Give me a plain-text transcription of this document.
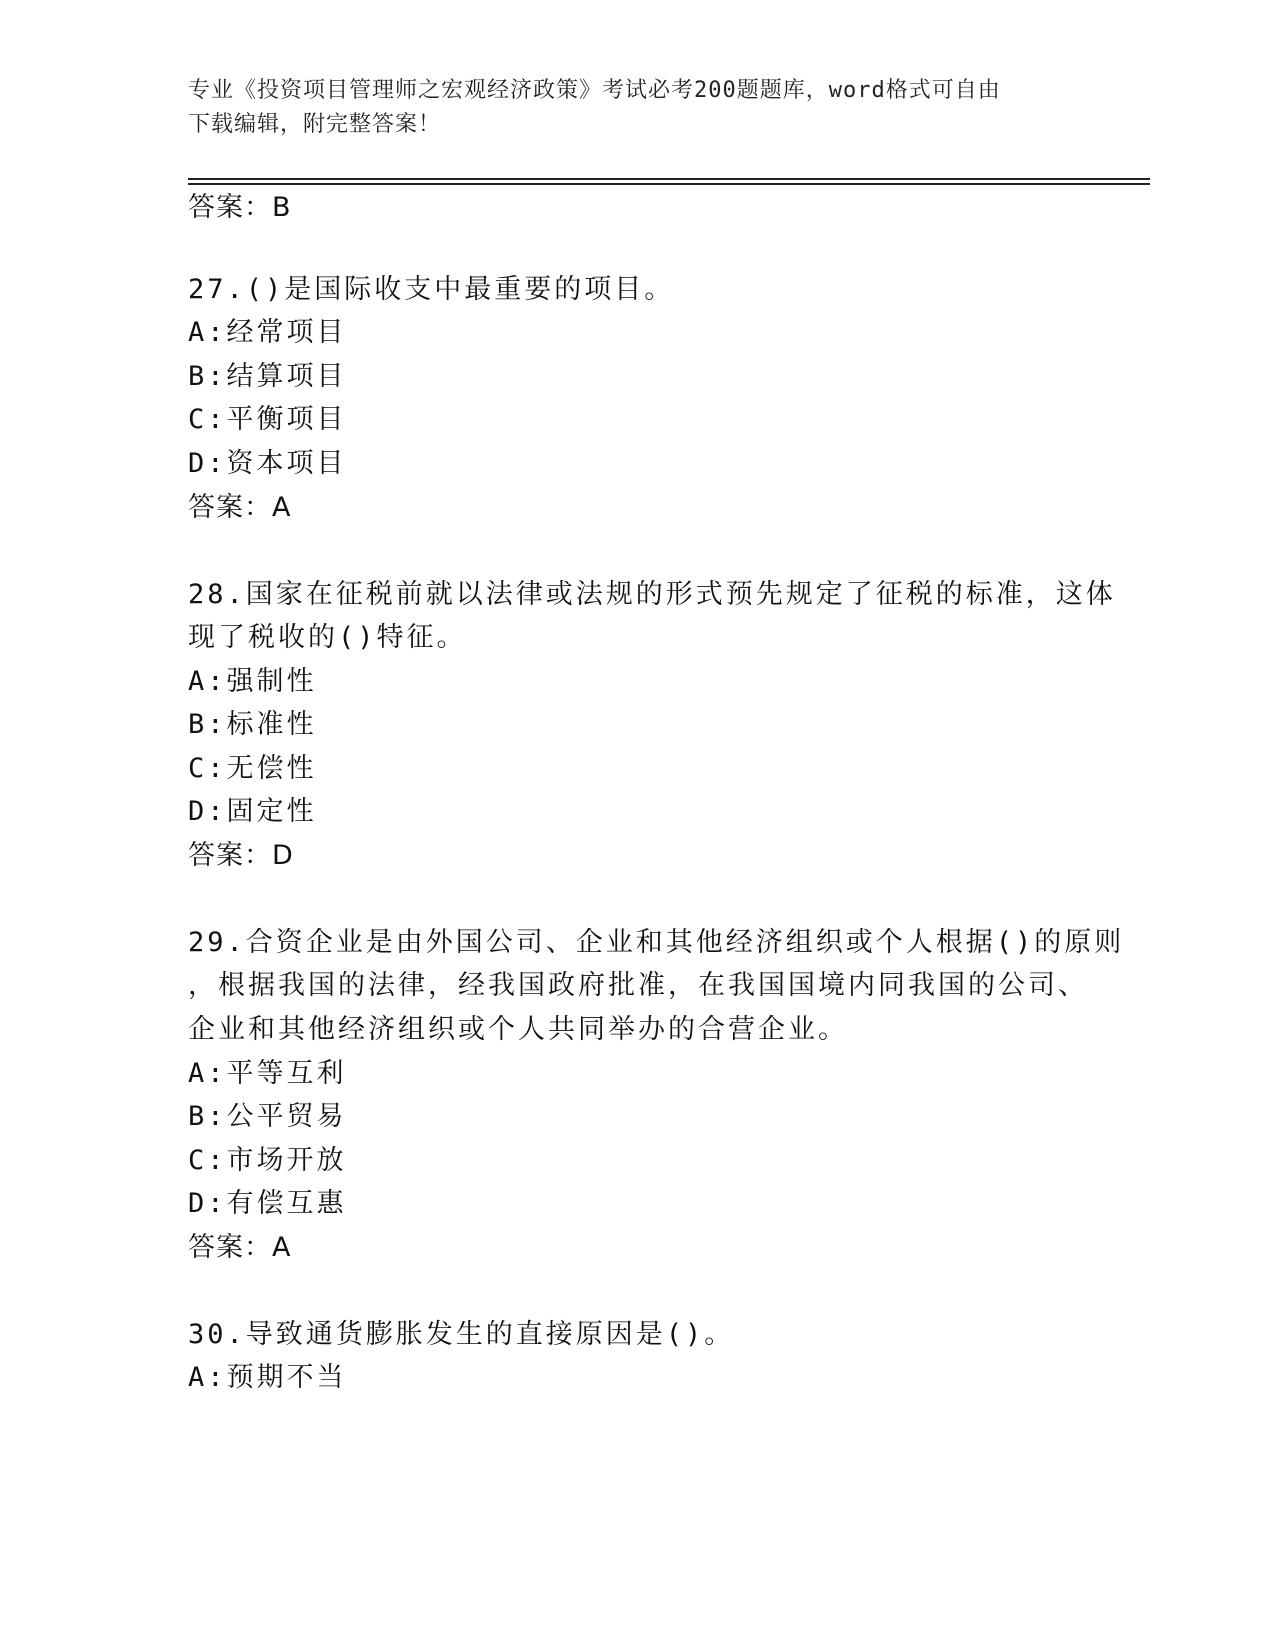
专业《投资项目管理师之宏观经济政策》考试必考200题题库，word格式可自由
下载编辑，附完整答案！
答案：B
27.()是国际收支中最重要的项目。
A:经常项目
B:结算项目
C:平衡项目
D:资本项目
答案：A
28.国家在征税前就以法律或法规的形式预先规定了征税的标准，这体
现了税收的()特征。
A:强制性
B:标准性
C:无偿性
D:固定性
答案：D
29.合资企业是由外国公司、企业和其他经济组织或个人根据()的原则
，根据我国的法律，经我国政府批准，在我国国境内同我国的公司、
企业和其他经济组织或个人共同举办的合营企业。
A:平等互利
B:公平贸易
C:市场开放
D:有偿互惠
答案：A
30.导致通货膨胀发生的直接原因是()。
A:预期不当
